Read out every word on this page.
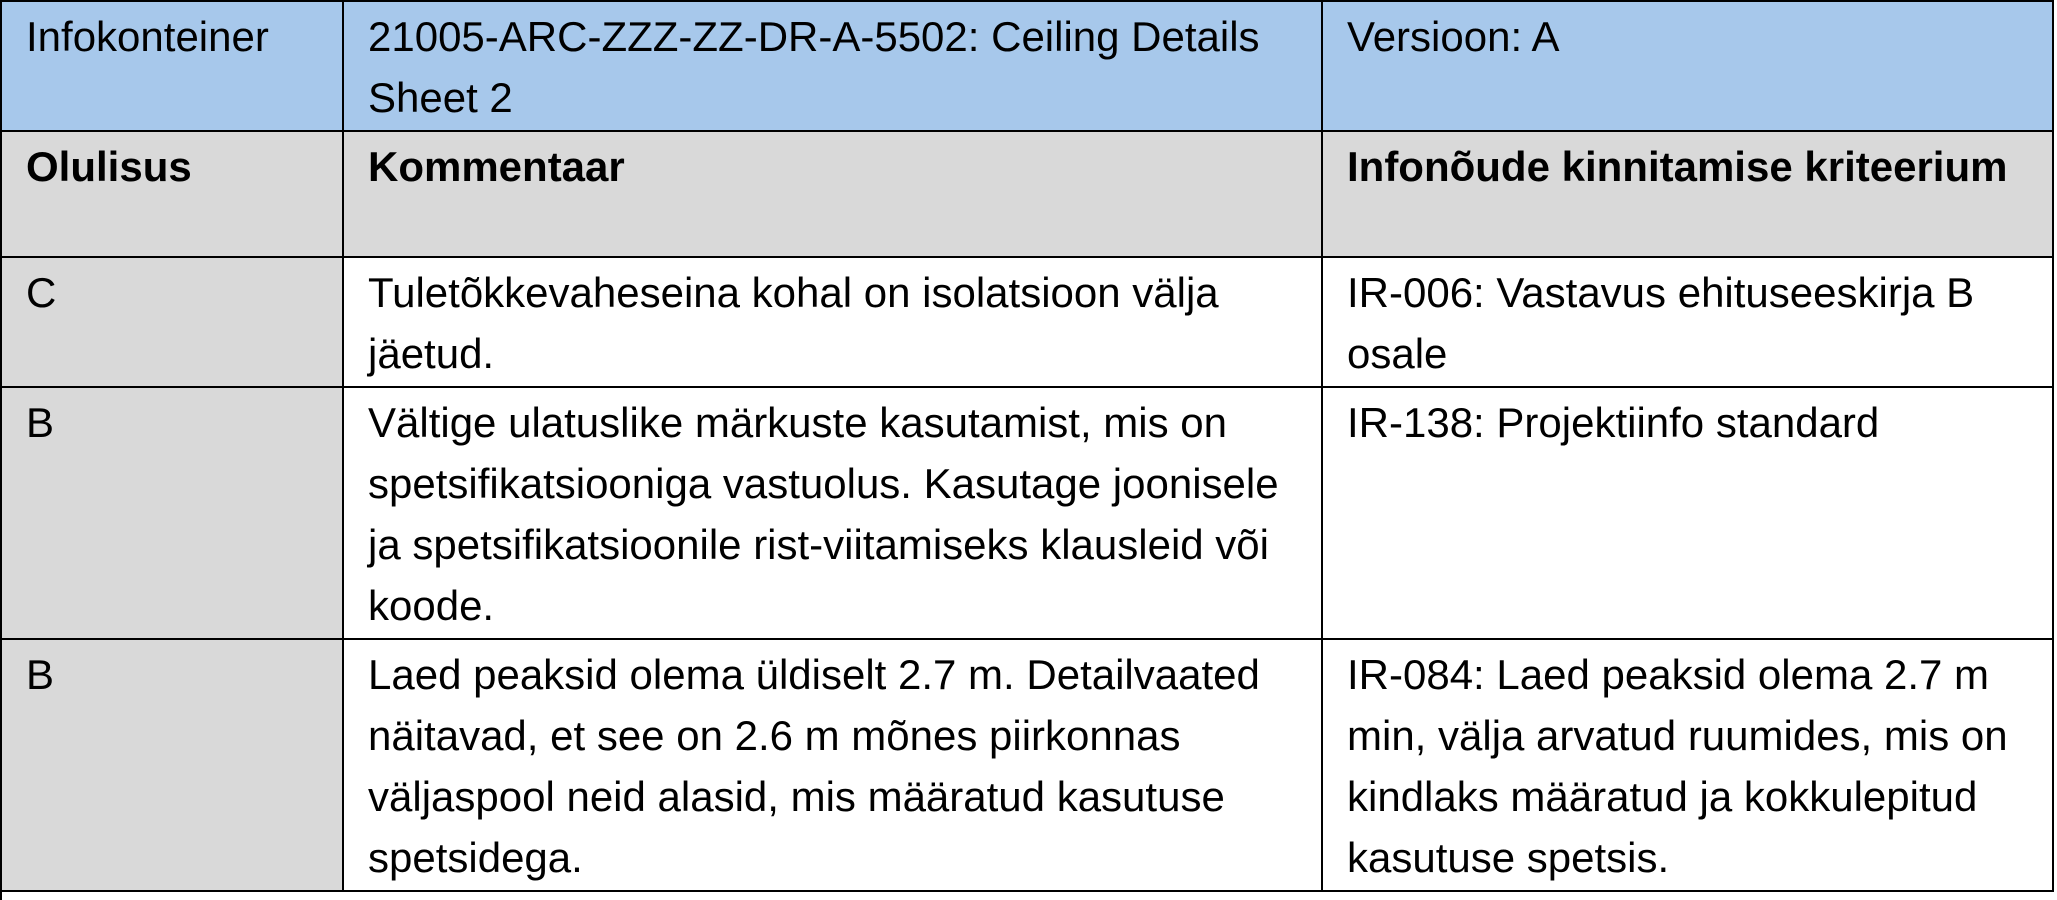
Infokonteiner	21005-ARC-ZZZ-ZZ-DR-A-5502: Ceiling Details Sheet 2	Versioon: A
Olulisus	Kommentaar	Infonõude kinnitamise kriteerium
C	Tuletõkkevaheseina kohal on isolatsioon välja jäetud.	IR-006: Vastavus ehituseeskirja B osale
B	Vältige ulatuslike märkuste kasutamist, mis on spetsifikatsiooniga vastuolus. Kasutage joonisele ja spetsifikatsioonile rist-viitamiseks klausleid või koode.	IR-138: Projektiinfo standard
B	Laed peaksid olema üldiselt 2.7 m. Detailvaated näitavad, et see on 2.6 m mõnes piirkonnas väljaspool neid alasid, mis määratud kasutuse spetsidega.	IR-084: Laed peaksid olema 2.7 m min, välja arvatud ruumides, mis on kindlaks määratud ja kokkulepitud kasutuse spetsis.
